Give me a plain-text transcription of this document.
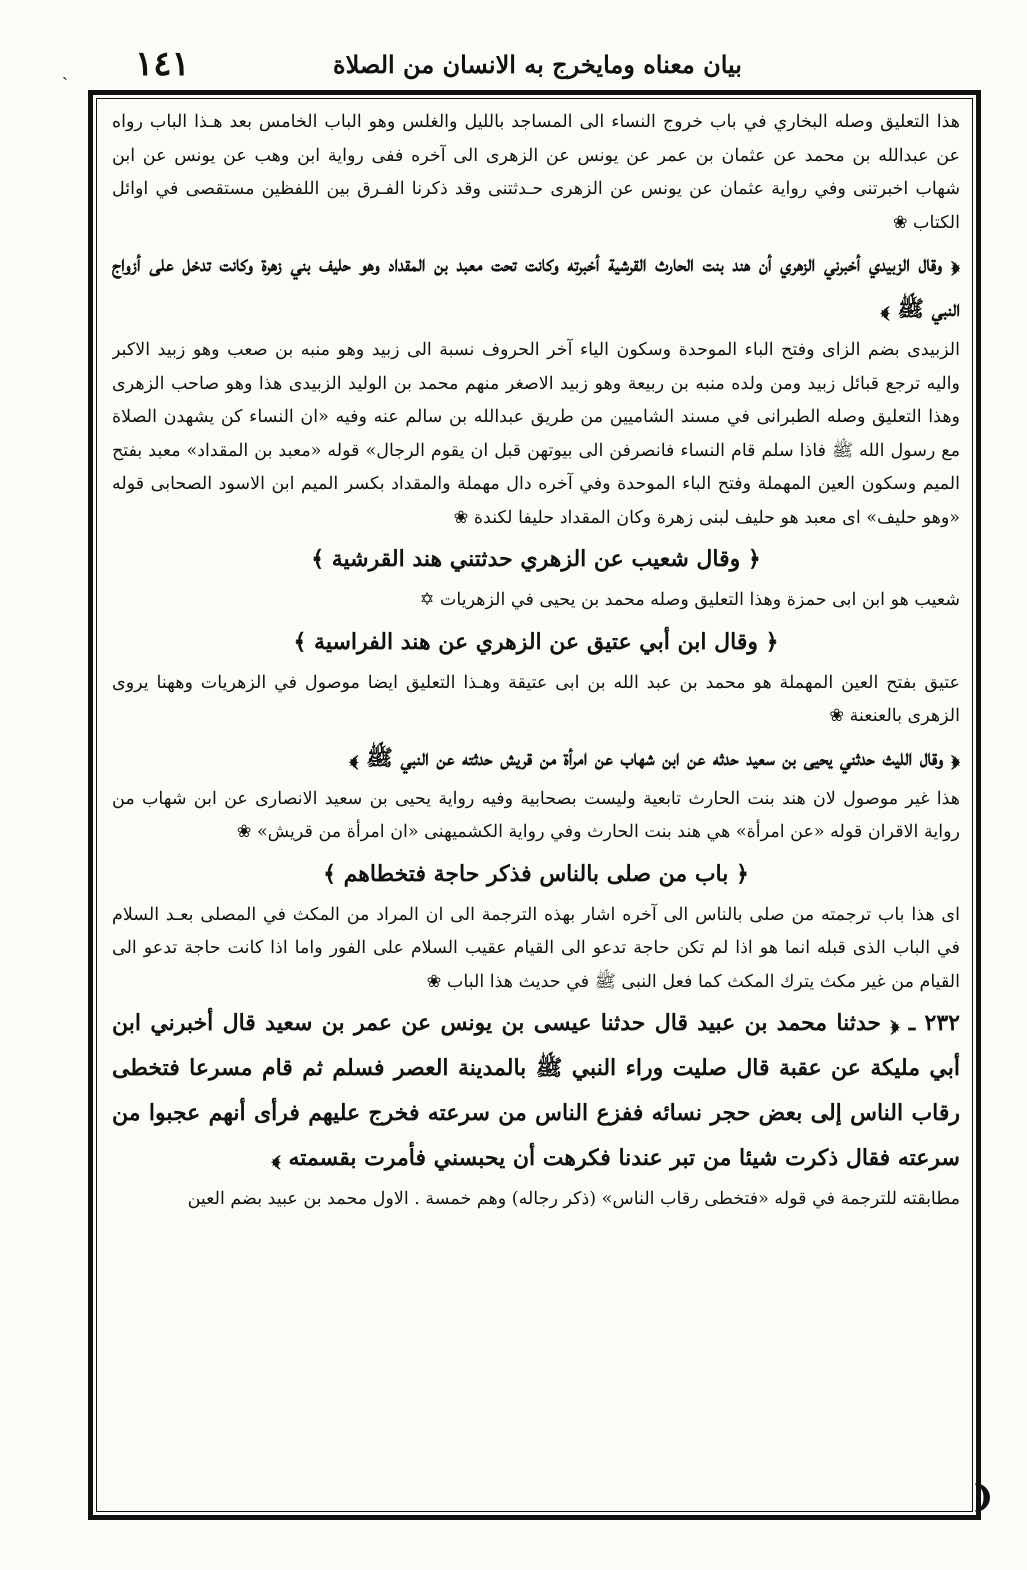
ˏ	بيان معناه ومايخرج به الانسان من الصلاة
١٤١

هذا التعليق وصله البخاري في باب خروج النساء الى المساجد بالليل والغلس وهو الباب الخامس بعد هـذا الباب رواه عن عبدالله بن محمد عن عثمان بن عمر عن يونس عن الزهرى الى آخره ففى رواية ابن وهب عن يونس عن ابن شهاب اخبرتنى وفي رواية عثمان عن يونس عن الزهرى حـدثتنى وقد ذكرنا الفـرق بين اللفظين مستقصى في اوائل الكتاب ❀

﴿ وقال الزبيدي أخبرني الزهري أن هند بنت الحارث القرشية أخبرته وكانت تحت معبد بن المقداد وهو حليف بني زهرة وكانت تدخل على أزواج النبي ﷺ ﴾

الزبيدى بضم الزاى وفتح الباء الموحدة وسكون الياء آخر الحروف نسبة الى زبيد وهو منبه بن صعب وهو زبيد الاكبر واليه ترجع قبائل زبيد ومن ولده منبه بن ربيعة وهو زبيد الاصغر منهم محمد بن الوليد الزبيدى هذا وهو صاحب الزهرى وهذا التعليق وصله الطبرانى في مسند الشاميين من طريق عبدالله بن سالم عنه وفيه «ان النساء كن يشهدن الصلاة مع رسول الله ﷺ فاذا سلم قام النساء فانصرفن الى بيوتهن قبل ان يقوم الرجال» قوله «معبد بن المقداد» معبد بفتح الميم وسكون العين المهملة وفتح الباء الموحدة وفي آخره دال مهملة والمقداد بكسر الميم ابن الاسود الصحابى قوله «وهو حليف» اى معبد هو حليف لبنى زهرة وكان المقداد حليفا لكندة ❀

﴿ وقال شعيب عن الزهري حدثتني هند القرشية ﴾

شعيب هو ابن ابى حمزة وهذا التعليق وصله محمد بن يحيى في الزهريات ✡

﴿ وقال ابن أبي عتيق عن الزهري عن هند الفراسية ﴾

عتيق بفتح العين المهملة هو محمد بن عبد الله بن ابى عتيقة وهـذا التعليق ايضا موصول في الزهريات وههنا يروى الزهرى بالعنعنة ❀

﴿ وقال الليث حدثني يحيى بن سعيد حدثه عن ابن شهاب عن امرأة من قريش حدثته عن النبي ﷺ ﴾

هذا غير موصول لان هند بنت الحارث تابعية وليست بصحابية وفيه رواية يحيى بن سعيد الانصارى عن ابن شهاب من رواية الاقران قوله «عن امرأة» هي هند بنت الحارث وفي رواية الكشميهنى «ان امرأة من قريش» ❀

﴿ باب من صلى بالناس فذكر حاجة فتخطاهم ﴾

اى هذا باب ترجمته من صلى بالناس الى آخره اشار بهذه الترجمة الى ان المراد من المكث في المصلى بعـد السلام في الباب الذى قبله انما هو اذا لم تكن حاجة تدعو الى القيام عقيب السلام على الفور واما اذا كانت حاجة تدعو الى القيام من غير مكث يترك المكث كما فعل النبى ﷺ في حديث هذا الباب ❀

٢٣٢ ـ ﴿ حدثنا محمد بن عبيد قال حدثنا عيسى بن يونس عن عمر بن سعيد قال أخبرني ابن أبي مليكة عن عقبة قال صليت وراء النبي ﷺ بالمدينة العصر فسلم ثم قام مسرعا فتخطى رقاب الناس إلى بعض حجر نسائه ففزع الناس من سرعته فخرج عليهم فرأى أنهم عجبوا من سرعته فقال ذكرت شيئا من تبر عندنا فكرهت أن يحبسني فأمرت بقسمته ﴾

مطابقته للترجمة في قوله «فتخطى رقاب الناس» (ذكر رجاله) وهم خمسة . الاول محمد بن عبيد بضم العين

❨
